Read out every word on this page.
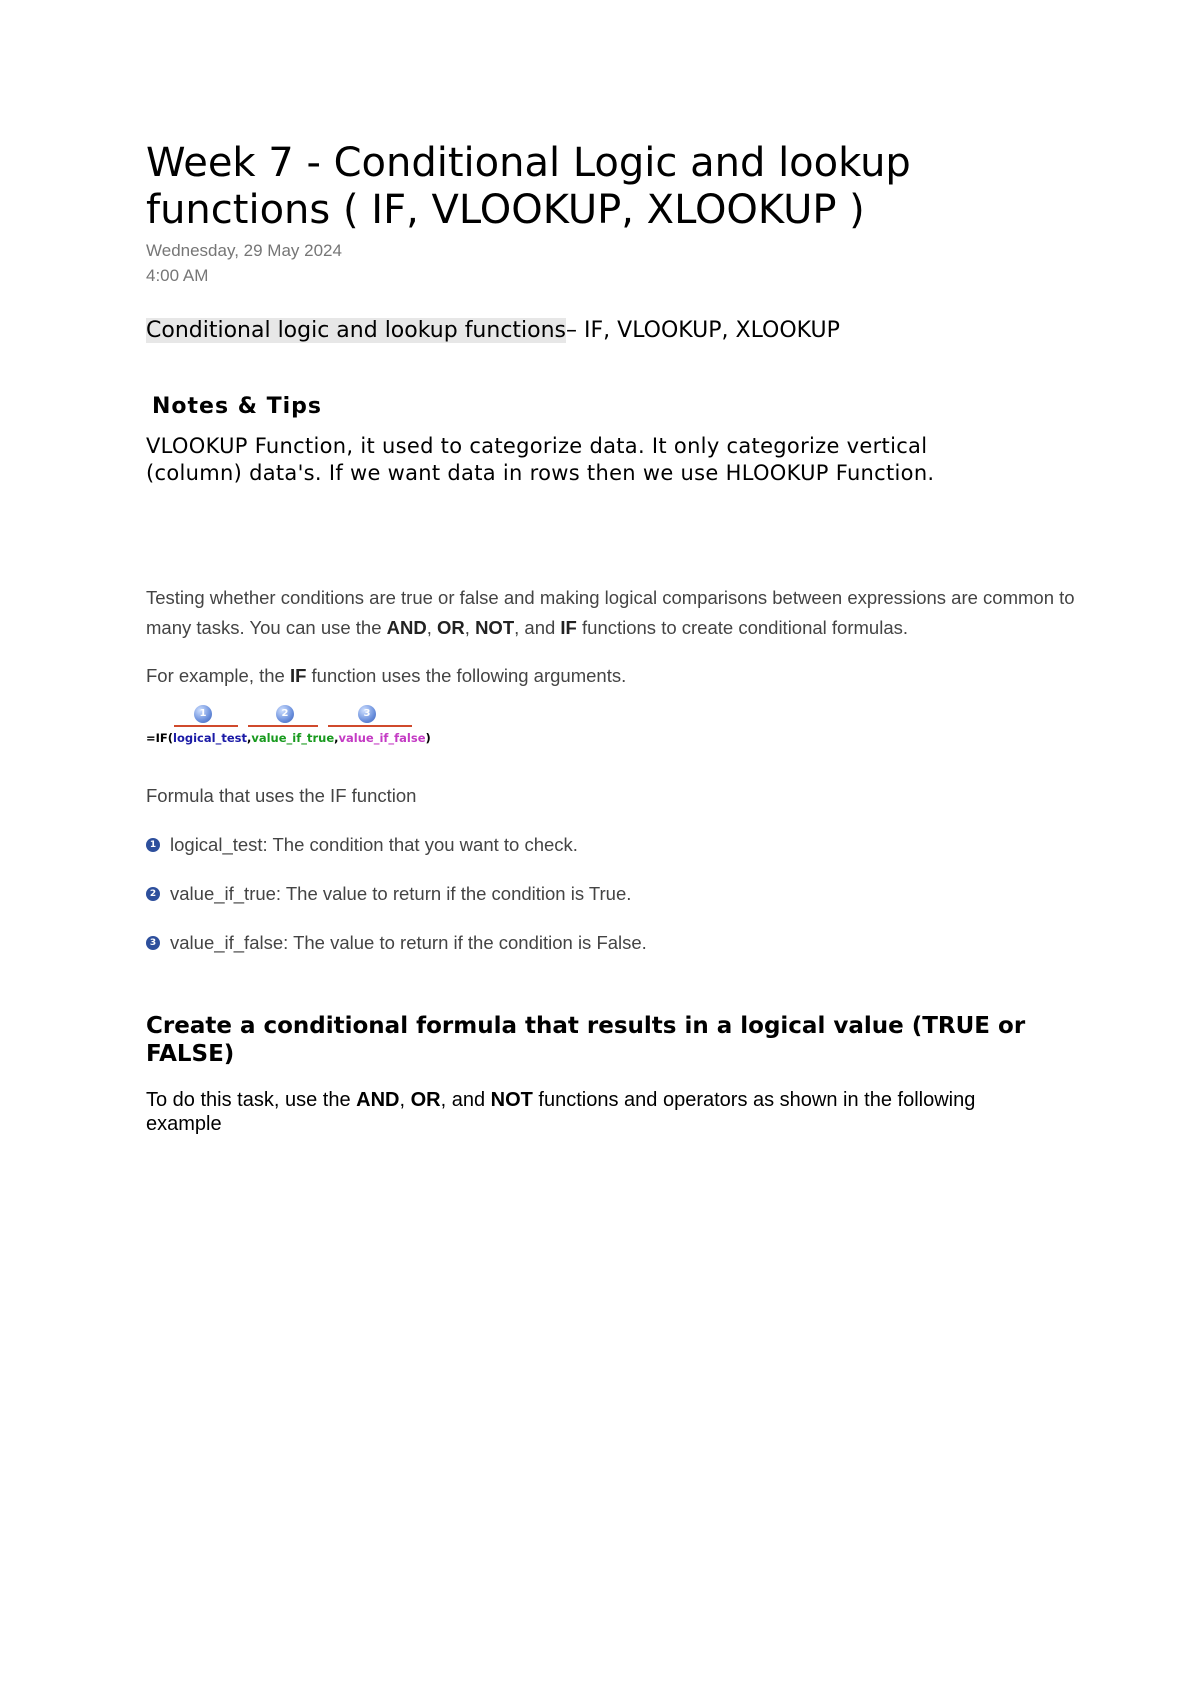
Week 7 - Conditional Logic and lookup functions ( IF, VLOOKUP, XLOOKUP )
Wednesday, 29 May 2024
4:00 AM
Conditional logic and lookup functions– IF, VLOOKUP, XLOOKUP
Notes & Tips
VLOOKUP Function, it used to categorize data. It only categorize vertical (column) data's. If we want data in rows then we use HLOOKUP Function.

Testing whether conditions are true or false and making logical comparisons between expressions are common to many tasks. You can use the AND, OR, NOT, and IF functions to create conditional formulas.

For example, the IF function uses the following arguments.

1	2	3
=IF(logical_test,value_if_true,value_if_false)
Formula that uses the IF function
1 logical_test: The condition that you want to check.
2 value_if_true: The value to return if the condition is True.
3 value_if_false: The value to return if the condition is False.
Create a conditional formula that results in a logical value (TRUE or FALSE)
To do this task, use the AND, OR, and NOT functions and operators as shown in the following example
